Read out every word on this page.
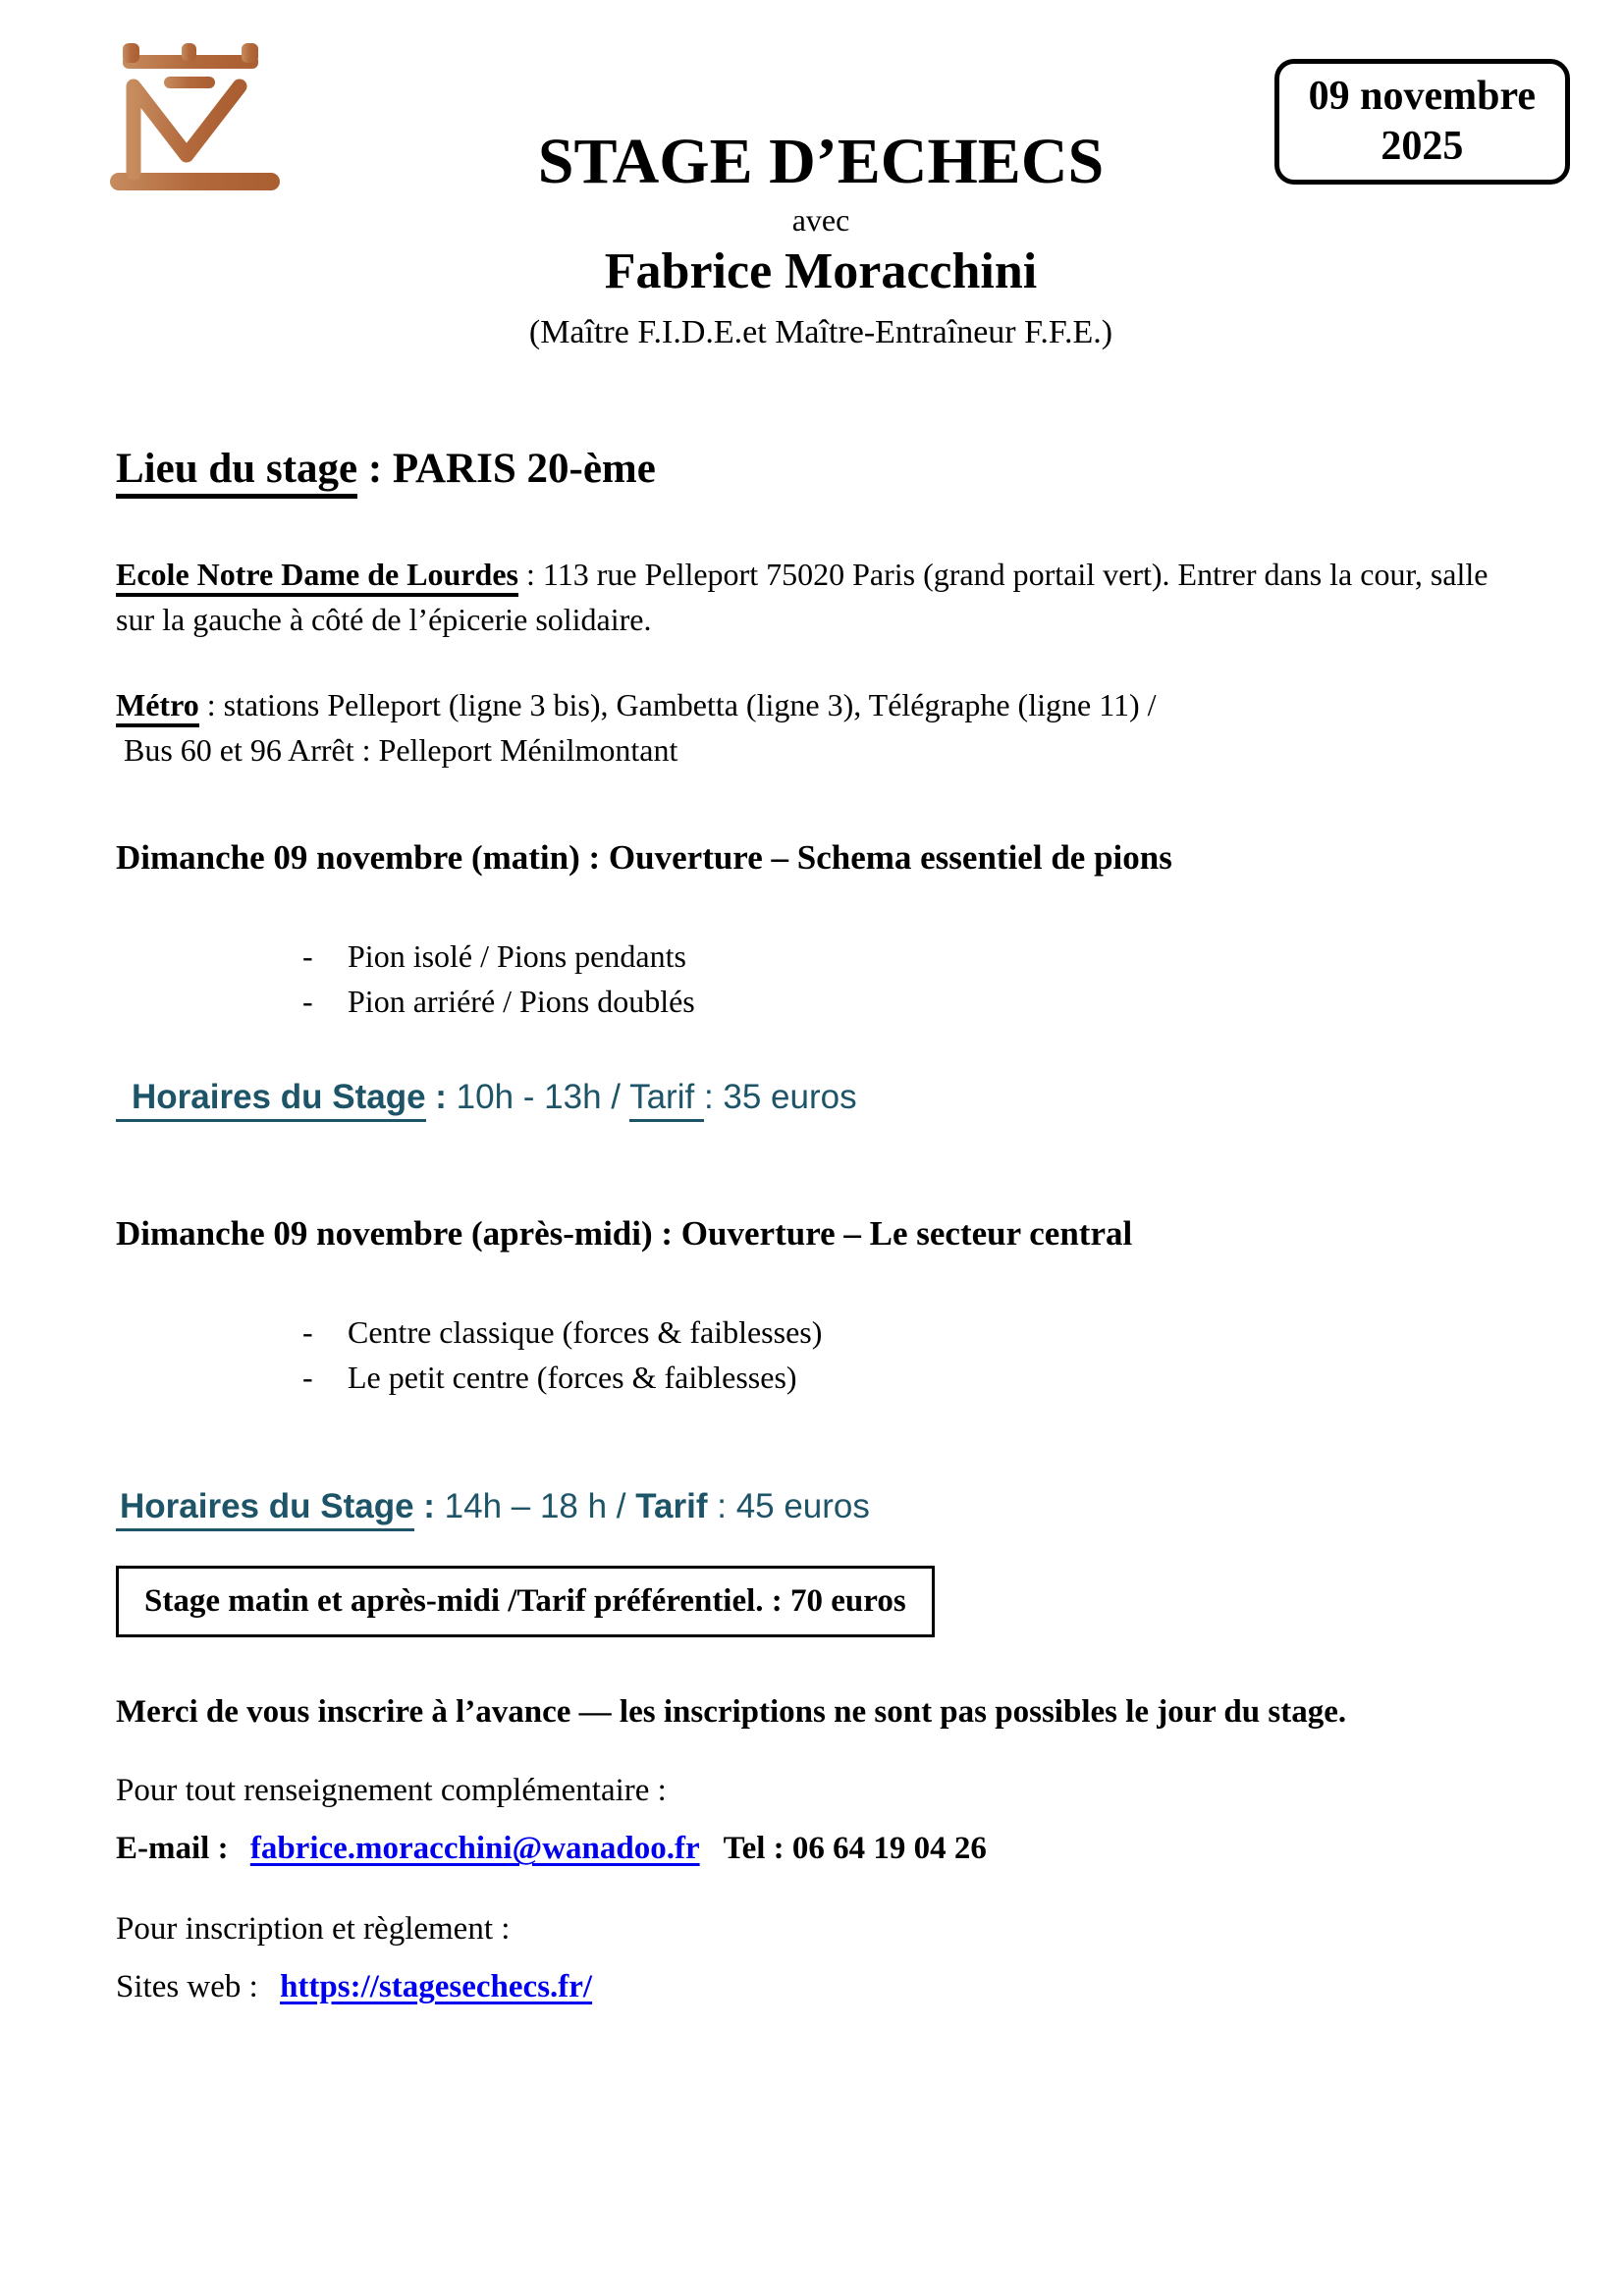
09 novembre
2025
STAGE D’ECHECS
avec
Fabrice Moracchini
(Maître F.I.D.E.et Maître-Entraîneur F.F.E.)
Lieu du stage : PARIS 20-ème
Ecole Notre Dame de Lourdes : 113 rue Pelleport 75020 Paris (grand portail vert). Entrer dans la cour, salle sur la gauche à côté de l’épicerie solidaire.
Métro : stations Pelleport (ligne 3 bis), Gambetta (ligne 3), Télégraphe (ligne 11) /
Bus 60 et 96 Arrêt : Pelleport Ménilmontant
Dimanche 09 novembre (matin) : Ouverture – Schema essentiel de pions
-	Pion isolé / Pions pendants
-	Pion arriéré / Pions doublés
Horaires du Stage : 10h - 13h / Tarif : 35 euros
Dimanche 09 novembre (après-midi) : Ouverture – Le secteur central
-	Centre classique (forces & faiblesses)
-	Le petit centre (forces & faiblesses)
Horaires du Stage : 14h – 18 h / Tarif : 45 euros
Stage matin et après-midi /Tarif préférentiel. : 70 euros
Merci de vous inscrire à l’avance — les inscriptions ne sont pas possibles le jour du stage.
Pour tout renseignement complémentaire :
E-mail : fabrice.moracchini@wanadoo.fr Tel : 06 64 19 04 26
Pour inscription et règlement :
Sites web : https://stagesechecs.fr/
